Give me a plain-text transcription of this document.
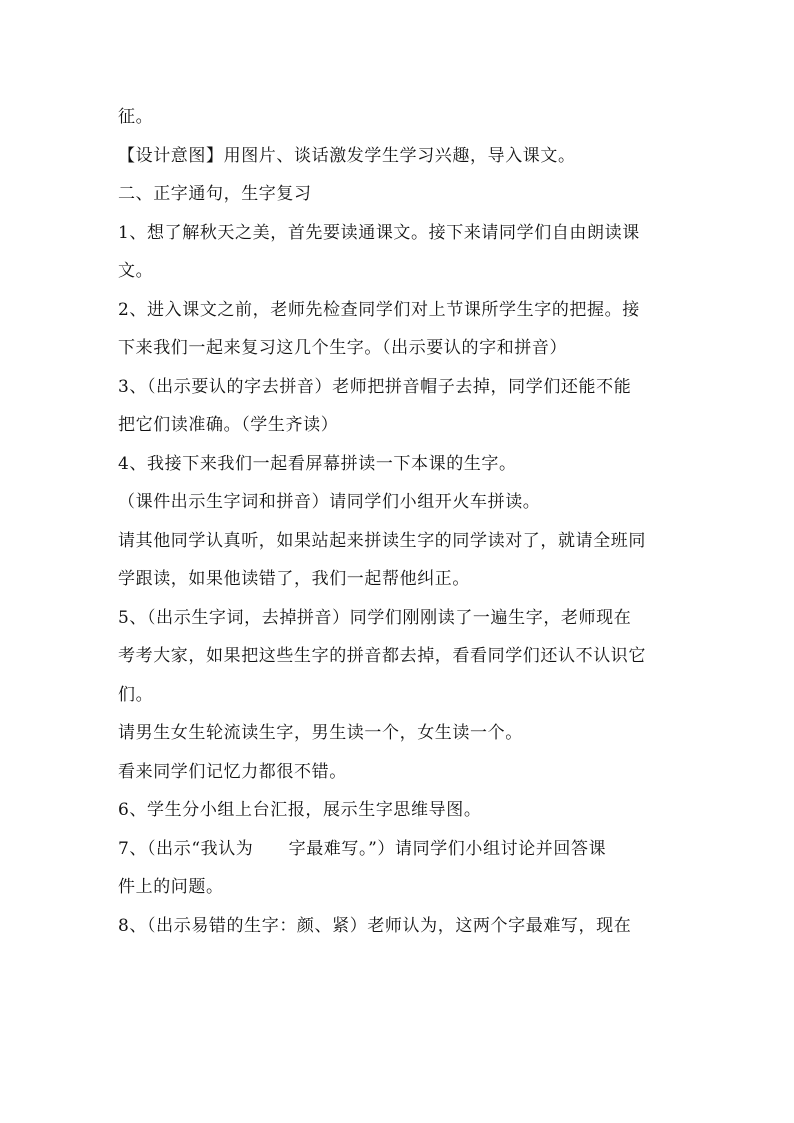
征。
【设计意图】用图片、谈话激发学生学习兴趣，导入课文。
二、正字通句，生字复习
1、想了解秋天之美，首先要读通课文。接下来请同学们自由朗读课
文。
2、进入课文之前，老师先检查同学们对上节课所学生字的把握。接
下来我们一起来复习这几个生字。（出示要认的字和拼音）
3、（出示要认的字去拼音）老师把拼音帽子去掉，同学们还能不能
把它们读准确。（学生齐读）
4、我接下来我们一起看屏幕拼读一下本课的生字。
（课件出示生字词和拼音）请同学们小组开火车拼读。
请其他同学认真听，如果站起来拼读生字的同学读对了，就请全班同
学跟读，如果他读错了，我们一起帮他纠正。
5、（出示生字词，去掉拼音）同学们刚刚读了一遍生字，老师现在
考考大家，如果把这些生字的拼音都去掉，看看同学们还认不认识它
们。
请男生女生轮流读生字，男生读一个，女生读一个。
看来同学们记忆力都很不错。
6、学生分小组上台汇报，展示生字思维导图。
7、（出示“我认为　　字最难写。”）请同学们小组讨论并回答课
件上的问题。
8、（出示易错的生字：颜、紧）老师认为，这两个字最难写，现在
